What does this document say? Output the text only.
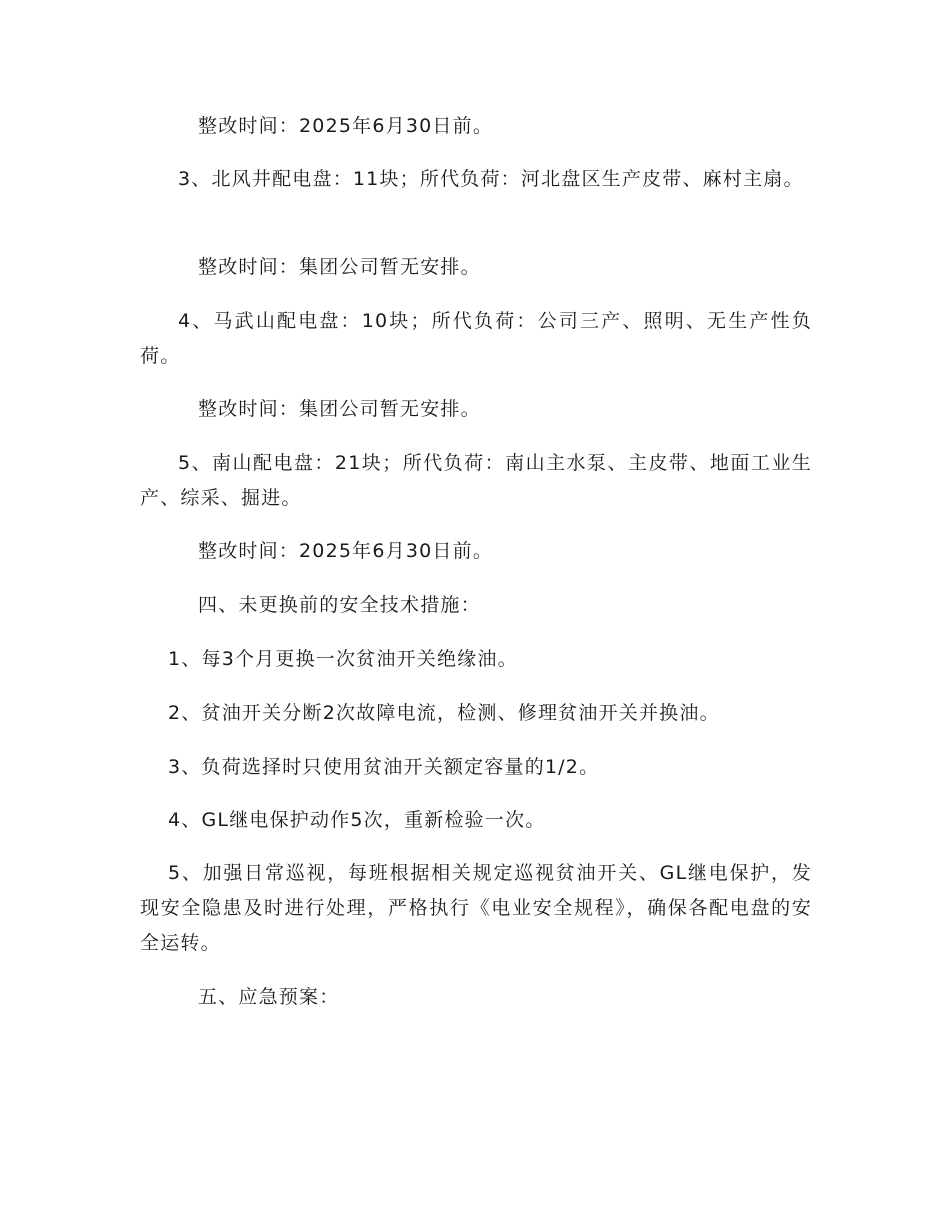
整改时间：2025年6月30日前。

3、北风井配电盘：11块；所代负荷：河北盘区生产皮带、麻村主扇。

整改时间：集团公司暂无安排。

4、马武山配电盘：10块；所代负荷：公司三产、照明、无生产性负荷。

整改时间：集团公司暂无安排。

5、南山配电盘：21块；所代负荷：南山主水泵、主皮带、地面工业生产、综采、掘进。

整改时间：2025年6月30日前。

四、未更换前的安全技术措施：

1、每3个月更换一次贫油开关绝缘油。

2、贫油开关分断2次故障电流，检测、修理贫油开关并换油。

3、负荷选择时只使用贫油开关额定容量的1/2。

4、GL继电保护动作5次，重新检验一次。

5、加强日常巡视，每班根据相关规定巡视贫油开关、GL继电保护，发现安全隐患及时进行处理，严格执行《电业安全规程》，确保各配电盘的安全运转。

五、应急预案：
